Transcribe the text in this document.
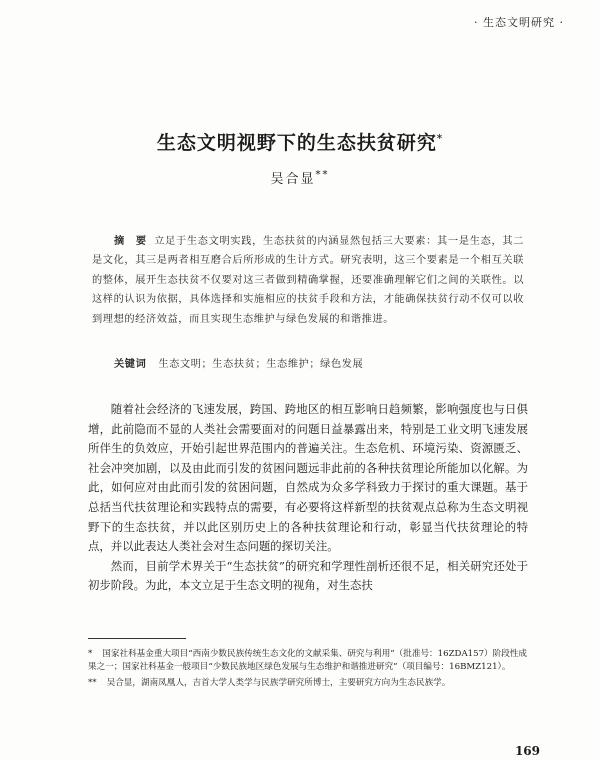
· 生态文明研究 ·
生态文明视野下的生态扶贫研究*
吴合显**
摘 要 立足于生态文明实践，生态扶贫的内涵显然包括三大要素：其一是生态，其二是文化，其三是两者相互磨合后所形成的生计方式。研究表明，这三个要素是一个相互关联的整体，展开生态扶贫不仅要对这三者做到精确掌握，还要准确理解它们之间的关联性。以这样的认识为依据，具体选择和实施相应的扶贫手段和方法，才能确保扶贫行动不仅可以收到理想的经济效益，而且实现生态维护与绿色发展的和谐推进。
关键词 生态文明；生态扶贫；生态维护；绿色发展

随着社会经济的飞速发展，跨国、跨地区的相互影响日趋频繁，影响强度也与日俱增，此前隐而不显的人类社会需要面对的问题日益暴露出来，特别是工业文明飞速发展所伴生的负效应，开始引起世界范围内的普遍关注。生态危机、环境污染、资源匮乏、社会冲突加剧，以及由此而引发的贫困问题远非此前的各种扶贫理论所能加以化解。为此，如何应对由此而引发的贫困问题，自然成为众多学科致力于探讨的重大课题。基于总括当代扶贫理论和实践特点的需要，有必要将这样新型的扶贫观点总称为生态文明视野下的生态扶贫，并以此区别历史上的各种扶贫理论和行动，彰显当代扶贫理论的特点，并以此表达人类社会对生态问题的探切关注。

然而，目前学术界关于“生态扶贫”的研究和学理性剖析还很不足，相关研究还处于初步阶段。为此，本文立足于生态文明的视角，对生态扶

* 国家社科基金重大项目“西南少数民族传统生态文化的文献采集、研究与利用”（批准号：16ZDA157）阶段性成果之一；国家社科基金一般项目“少数民族地区绿色发展与生态维护和谐推进研究”（项目编号：16BMZ121）。

** 吴合显，湖南凤凰人，吉首大学人类学与民族学研究所博士，主要研究方向为生态民族学。

169
